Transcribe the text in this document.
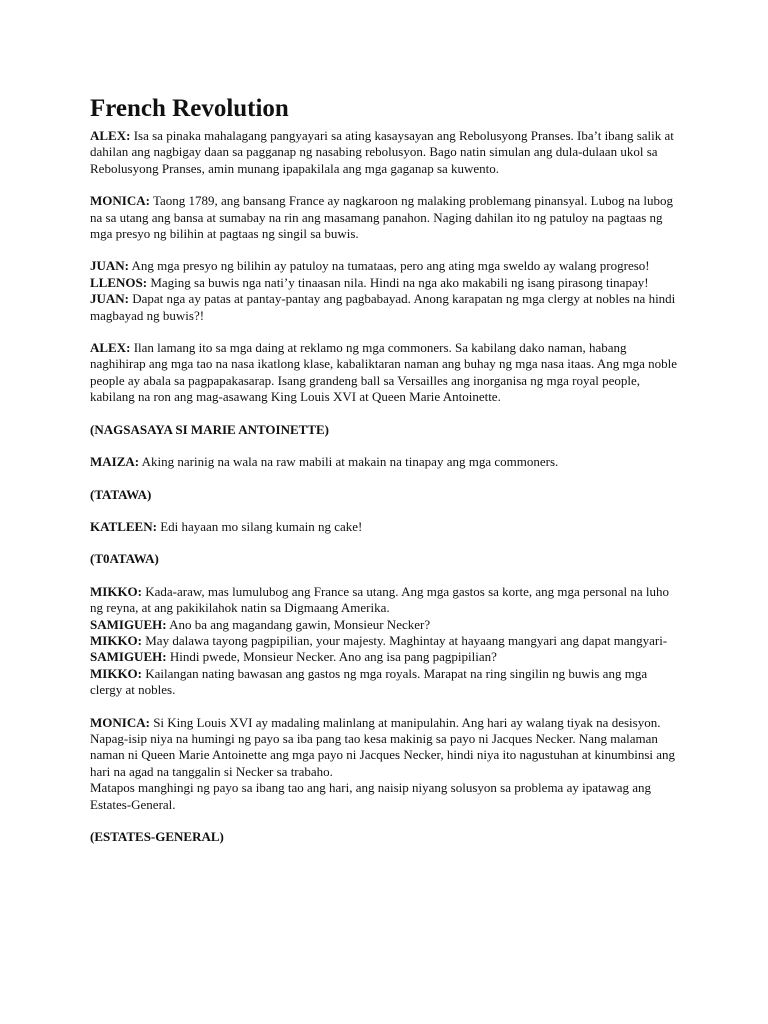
French Revolution

ALEX: Isa sa pinaka mahalagang pangyayari sa ating kasaysayan ang Rebolusyong Pranses. Iba’t ibang salik at dahilan ang nagbigay daan sa pagganap ng nasabing rebolusyon. Bago natin simulan ang dula-dulaan ukol sa Rebolusyong Pranses, amin munang ipapakilala ang mga gaganap sa kuwento.

MONICA: Taong 1789, ang bansang France ay nagkaroon ng malaking problemang pinansyal. Lubog na lubog na sa utang ang bansa at sumabay na rin ang masamang panahon. Naging dahilan ito ng patuloy na pagtaas ng mga presyo ng bilihin at pagtaas ng singil sa buwis.

JUAN: Ang mga presyo ng bilihin ay patuloy na tumataas, pero ang ating mga sweldo ay walang progreso!

LLENOS: Maging sa buwis nga nati’y tinaasan nila. Hindi na nga ako makabili ng isang pirasong tinapay!

JUAN: Dapat nga ay patas at pantay-pantay ang pagbabayad. Anong karapatan ng mga clergy at nobles na hindi magbayad ng buwis?!

ALEX: Ilan lamang ito sa mga daing at reklamo ng mga commoners. Sa kabilang dako naman, habang naghihirap ang mga tao na nasa ikatlong klase, kabaliktaran naman ang buhay ng mga nasa itaas. Ang mga noble people ay abala sa pagpapakasarap. Isang grandeng ball sa Versailles ang inorganisa ng mga royal people, kabilang na ron ang mag-asawang King Louis XVI at Queen Marie Antoinette.

(NAGSASAYA SI MARIE ANTOINETTE)

MAIZA: Aking narinig na wala na raw mabili at makain na tinapay ang mga commoners.

(TATAWA)

KATLEEN: Edi hayaan mo silang kumain ng cake!

(T0ATAWA)

MIKKO: Kada-araw, mas lumulubog ang France sa utang. Ang mga gastos sa korte, ang mga personal na luho ng reyna, at ang pakikilahok natin sa Digmaang Amerika.

SAMIGUEH: Ano ba ang magandang gawin, Monsieur Necker?

MIKKO: May dalawa tayong pagpipilian, your majesty. Maghintay at hayaang mangyari ang dapat mangyari-

SAMIGUEH: Hindi pwede, Monsieur Necker. Ano ang isa pang pagpipilian?

MIKKO: Kailangan nating bawasan ang gastos ng mga royals. Marapat na ring singilin ng buwis ang mga clergy at nobles.

MONICA: Si King Louis XVI ay madaling malinlang at manipulahin. Ang hari ay walang tiyak na desisyon. Napag-isip niya na humingi ng payo sa iba pang tao kesa makinig sa payo ni Jacques Necker. Nang malaman naman ni Queen Marie Antoinette ang mga payo ni Jacques Necker, hindi niya ito nagustuhan at kinumbinsi ang hari na agad na tanggalin si Necker sa trabaho.

Matapos manghingi ng payo sa ibang tao ang hari, ang naisip niyang solusyon sa problema ay ipatawag ang Estates-General.

(ESTATES-GENERAL)
